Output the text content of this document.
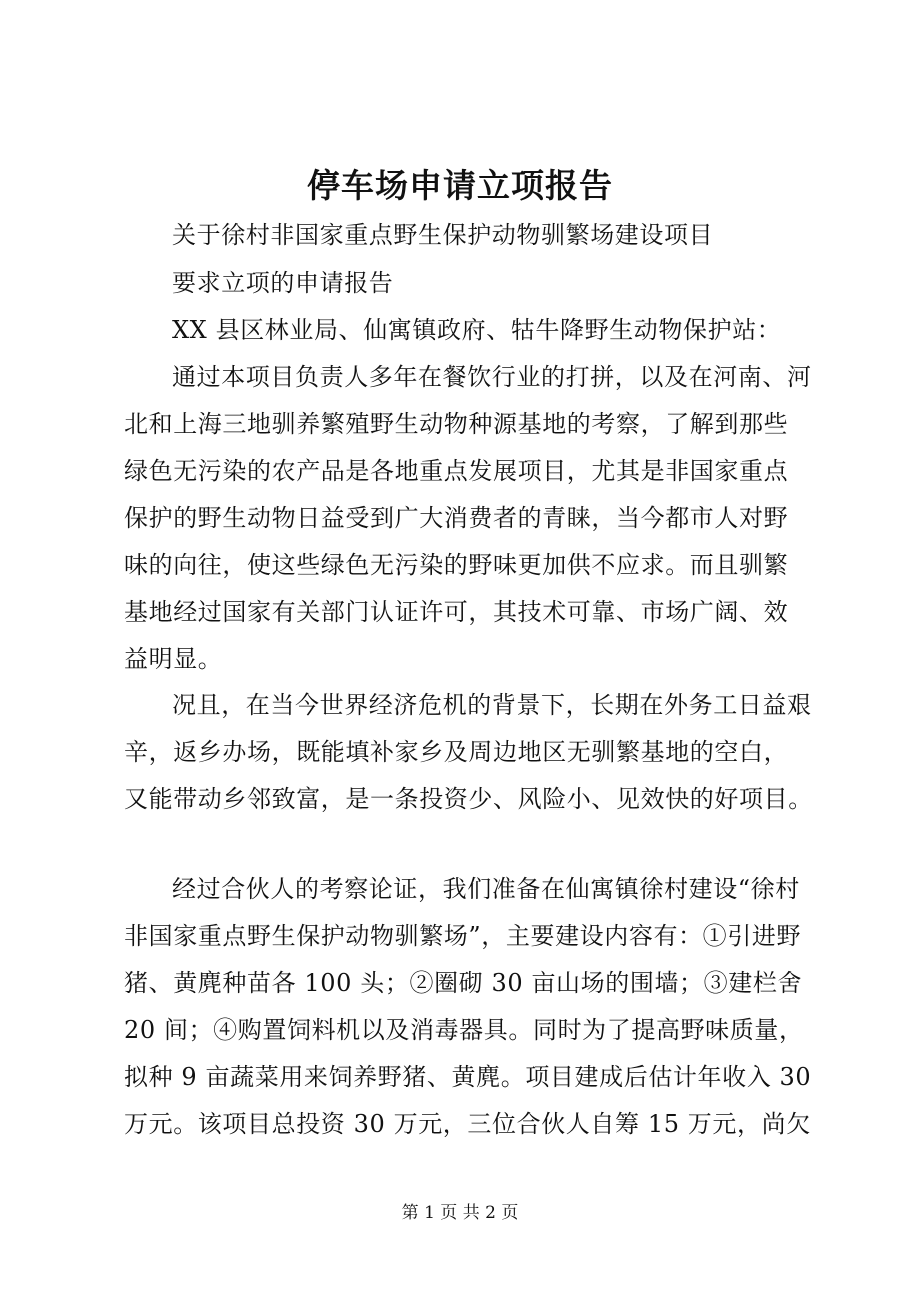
停车场申请立项报告
关于徐村非国家重点野生保护动物驯繁场建设项目
要求立项的申请报告
XX 县区林业局、仙寓镇政府、牯牛降野生动物保护站：
通过本项目负责人多年在餐饮行业的打拼，以及在河南、河
北和上海三地驯养繁殖野生动物种源基地的考察，了解到那些
绿色无污染的农产品是各地重点发展项目，尤其是非国家重点
保护的野生动物日益受到广大消费者的青睐，当今都市人对野
味的向往，使这些绿色无污染的野味更加供不应求。而且驯繁
基地经过国家有关部门认证许可，其技术可靠、市场广阔、效
益明显。
况且，在当今世界经济危机的背景下，长期在外务工日益艰
辛，返乡办场，既能填补家乡及周边地区无驯繁基地的空白，
又能带动乡邻致富，是一条投资少、风险小、见效快的好项目。
经过合伙人的考察论证，我们准备在仙寓镇徐村建设“徐村
非国家重点野生保护动物驯繁场”，主要建设内容有：①引进野
猪、黄麂种苗各 100 头；②圈砌 30 亩山场的围墙；③建栏舍
20 间；④购置饲料机以及消毒器具。同时为了提高野味质量，
拟种 9 亩蔬菜用来饲养野猪、黄麂。项目建成后估计年收入 30
万元。该项目总投资 30 万元，三位合伙人自筹 15 万元，尚欠
第 1 页 共 2 页
